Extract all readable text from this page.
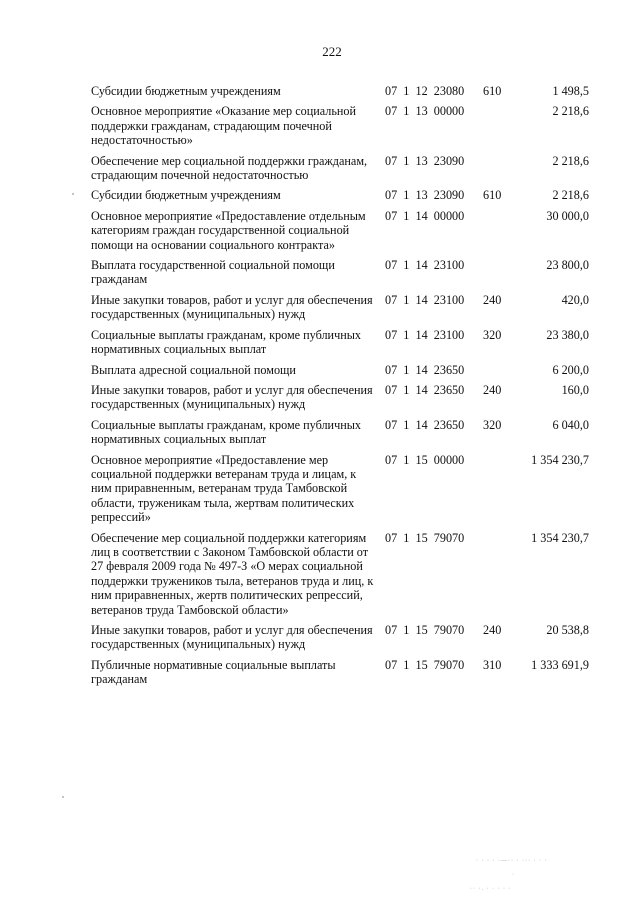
222
Субсидии бюджетным учреждениям	07  1  12  23080	610	1 498,5
Основное мероприятие «Оказание мер социальной поддержки гражданам, страдающим почечной недостаточностью»	07  1  13  00000		2 218,6
Обеспечение мер социальной поддержки гражданам, страдающим почечной недостаточностью	07  1  13  23090		2 218,6
Субсидии бюджетным учреждениям	07  1  13  23090	610	2 218,6
Основное мероприятие «Предоставление отдельным категориям граждан государственной социальной помощи на основании социального контракта»	07  1  14  00000		30 000,0
Выплата государственной социальной помощи гражданам	07  1  14  23100		23 800,0
Иные закупки товаров, работ и услуг для обеспечения государственных (муниципальных) нужд	07  1  14  23100	240	420,0
Социальные выплаты гражданам, кроме публичных нормативных социальных выплат	07  1  14  23100	320	23 380,0
Выплата адресной социальной помощи	07  1  14  23650		6 200,0
Иные закупки товаров, работ и услуг для обеспечения государственных (муниципальных) нужд	07  1  14  23650	240	160,0
Социальные выплаты гражданам, кроме публичных нормативных социальных выплат	07  1  14  23650	320	6 040,0
Основное мероприятие «Предоставление мер социальной поддержки ветеранам труда и лицам, к ним приравненным, ветеранам труда Тамбовской области, труженикам тыла, жертвам политических репрессий»	07  1  15  00000		1 354 230,7
Обеспечение мер социальной поддержки категориям лиц в соответствии с Законом Тамбовской области от 27 февраля 2009 года № 497-З «О мерах социальной поддержки тружеников тыла, ветеранов труда и лиц, к ним приравненных, жертв политических репрессий, ветеранов труда Тамбовской области»	07  1  15  79070		1 354 230,7
Иные закупки товаров, работ и услуг для обеспечения государственных (муниципальных) нужд	07  1  15  79070	240	20 538,8
Публичные нормативные социальные выплаты гражданам	07  1  15  79070	310	1 333 691,9
· · · · ·—·· · ··· · · ·
·
·· ·. · · · · ·
